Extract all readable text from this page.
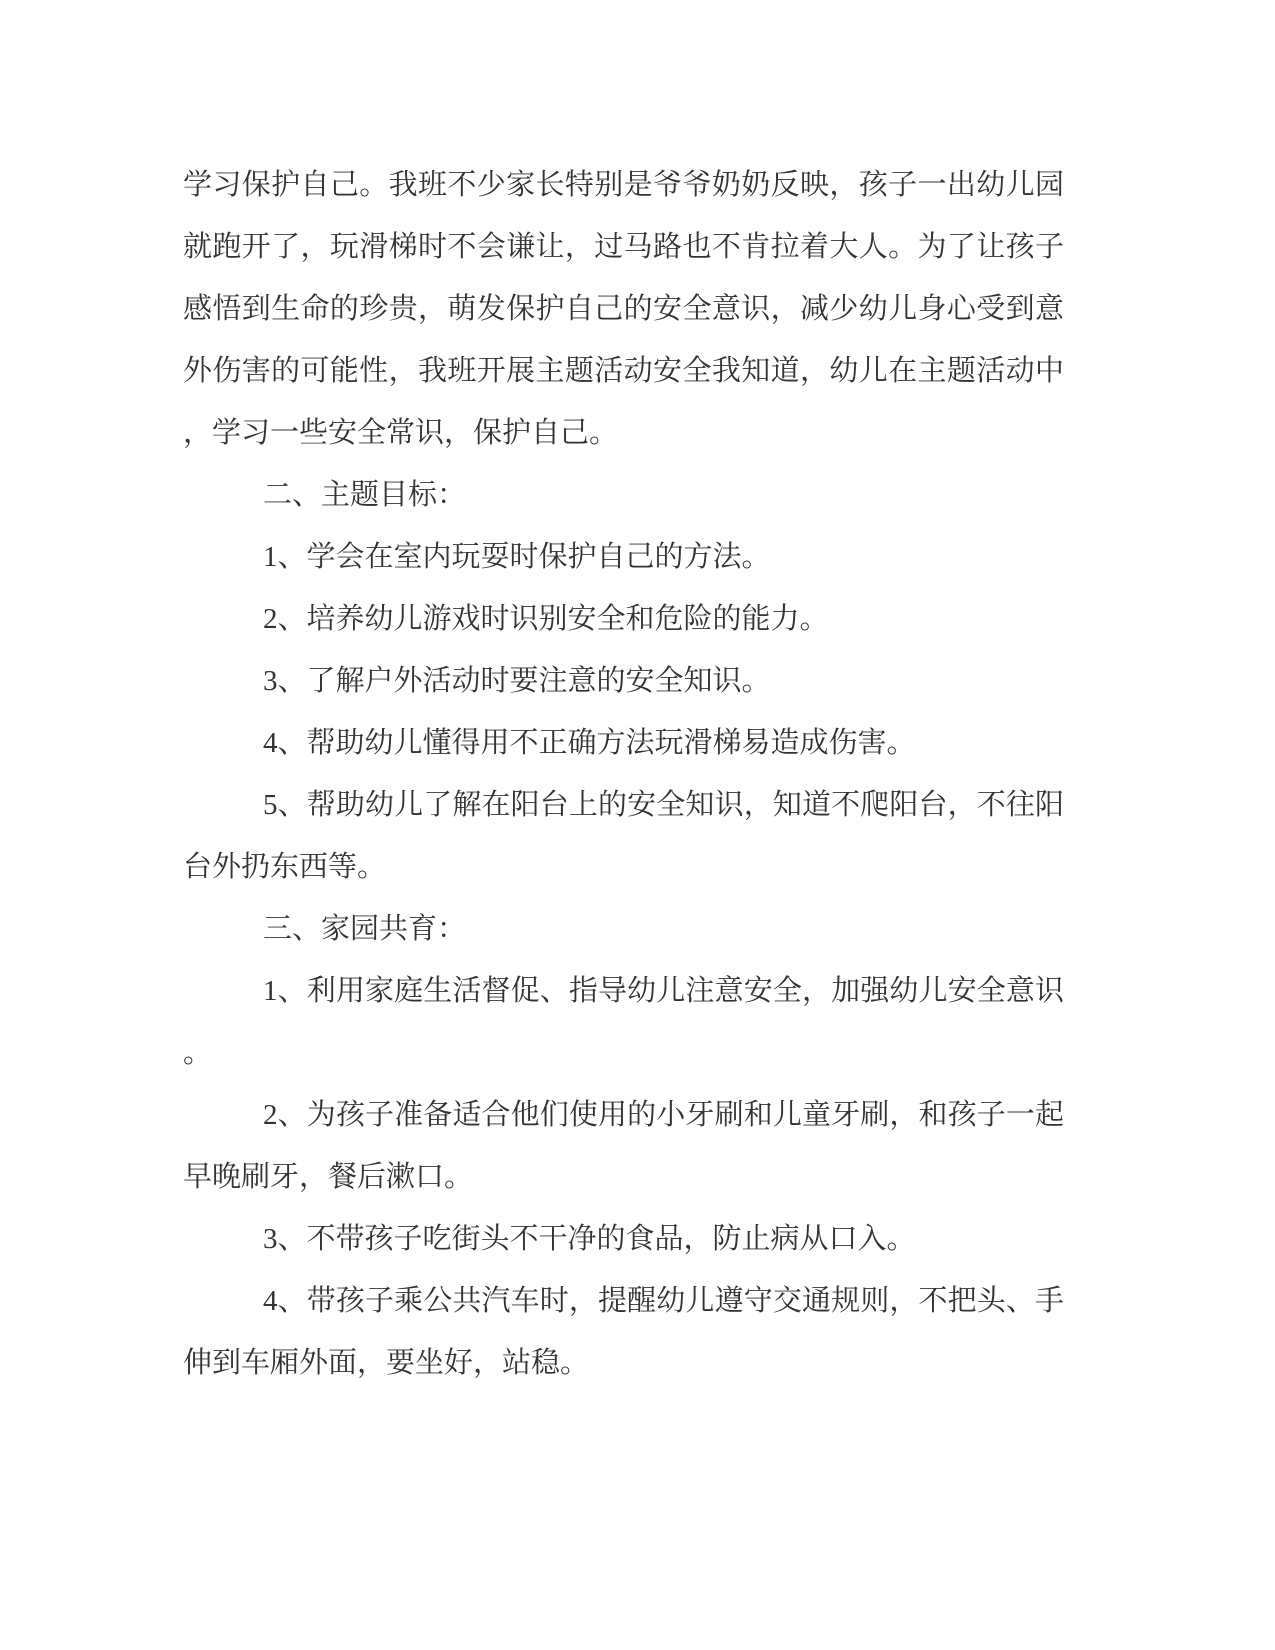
学习保护自己。我班不少家长特别是爷爷奶奶反映，孩子一出幼儿园
就跑开了，玩滑梯时不会谦让，过马路也不肯拉着大人。为了让孩子
感悟到生命的珍贵，萌发保护自己的安全意识，减少幼儿身心受到意
外伤害的可能性，我班开展主题活动安全我知道，幼儿在主题活动中
，学习一些安全常识，保护自己。
二、主题目标：
1、学会在室内玩耍时保护自己的方法。
2、培养幼儿游戏时识别安全和危险的能力。
3、了解户外活动时要注意的安全知识。
4、帮助幼儿懂得用不正确方法玩滑梯易造成伤害。
5、帮助幼儿了解在阳台上的安全知识，知道不爬阳台，不往阳
台外扔东西等。
三、家园共育：
1、利用家庭生活督促、指导幼儿注意安全，加强幼儿安全意识
。
2、为孩子准备适合他们使用的小牙刷和儿童牙刷，和孩子一起
早晚刷牙，餐后漱口。
3、不带孩子吃街头不干净的食品，防止病从口入。
4、带孩子乘公共汽车时，提醒幼儿遵守交通规则，不把头、手
伸到车厢外面，要坐好，站稳。
